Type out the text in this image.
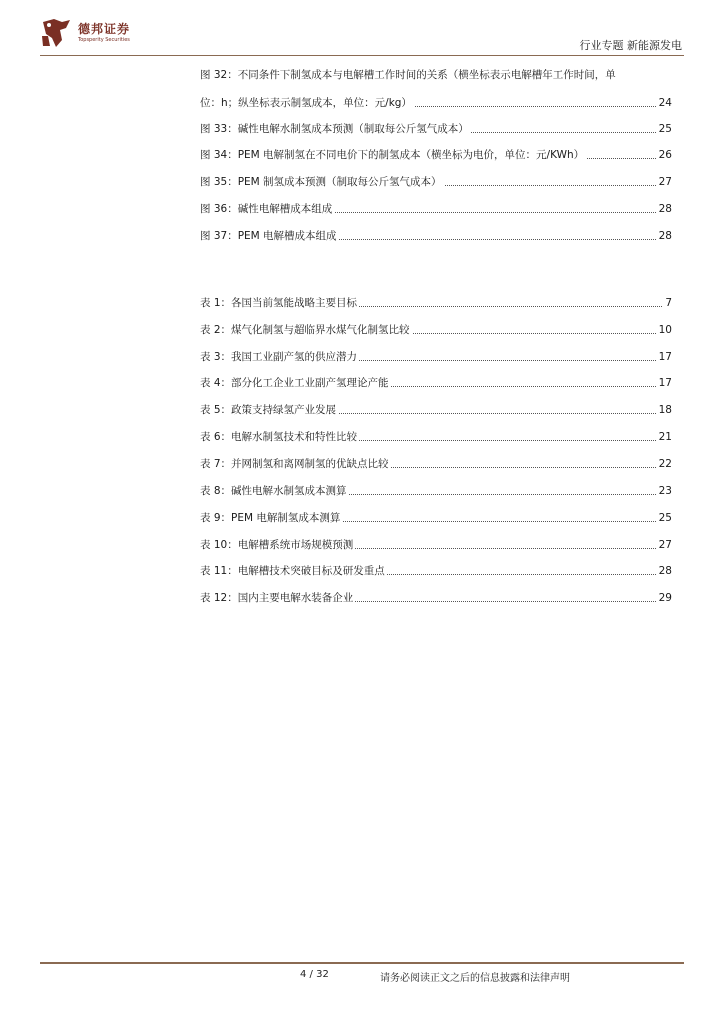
德邦证券
Topsperity Securities	行业专题 新能源发电
图 32：不同条件下制氢成本与电解槽工作时间的关系（横坐标表示电解槽年工作时间，单
位：h；纵坐标表示制氢成本，单位：元/kg）	24
图 33：碱性电解水制氢成本预测（制取每公斤氢气成本）	25
图 34：PEM 电解制氢在不同电价下的制氢成本（横坐标为电价，单位：元/KWh）	26
图 35：PEM 制氢成本预测（制取每公斤氢气成本）	27
图 36：碱性电解槽成本组成	28
图 37：PEM 电解槽成本组成	28
表 1：各国当前氢能战略主要目标	7
表 2：煤气化制氢与超临界水煤气化制氢比较	10
表 3：我国工业副产氢的供应潜力	17
表 4：部分化工企业工业副产氢理论产能	17
表 5：政策支持绿氢产业发展	18
表 6：电解水制氢技术和特性比较	21
表 7：并网制氢和离网制氢的优缺点比较	22
表 8：碱性电解水制氢成本测算	23
表 9：PEM 电解制氢成本测算	25
表 10：电解槽系统市场规模预测	27
表 11：电解槽技术突破目标及研发重点	28
表 12：国内主要电解水装备企业	29
4 / 32	请务必阅读正文之后的信息披露和法律声明
